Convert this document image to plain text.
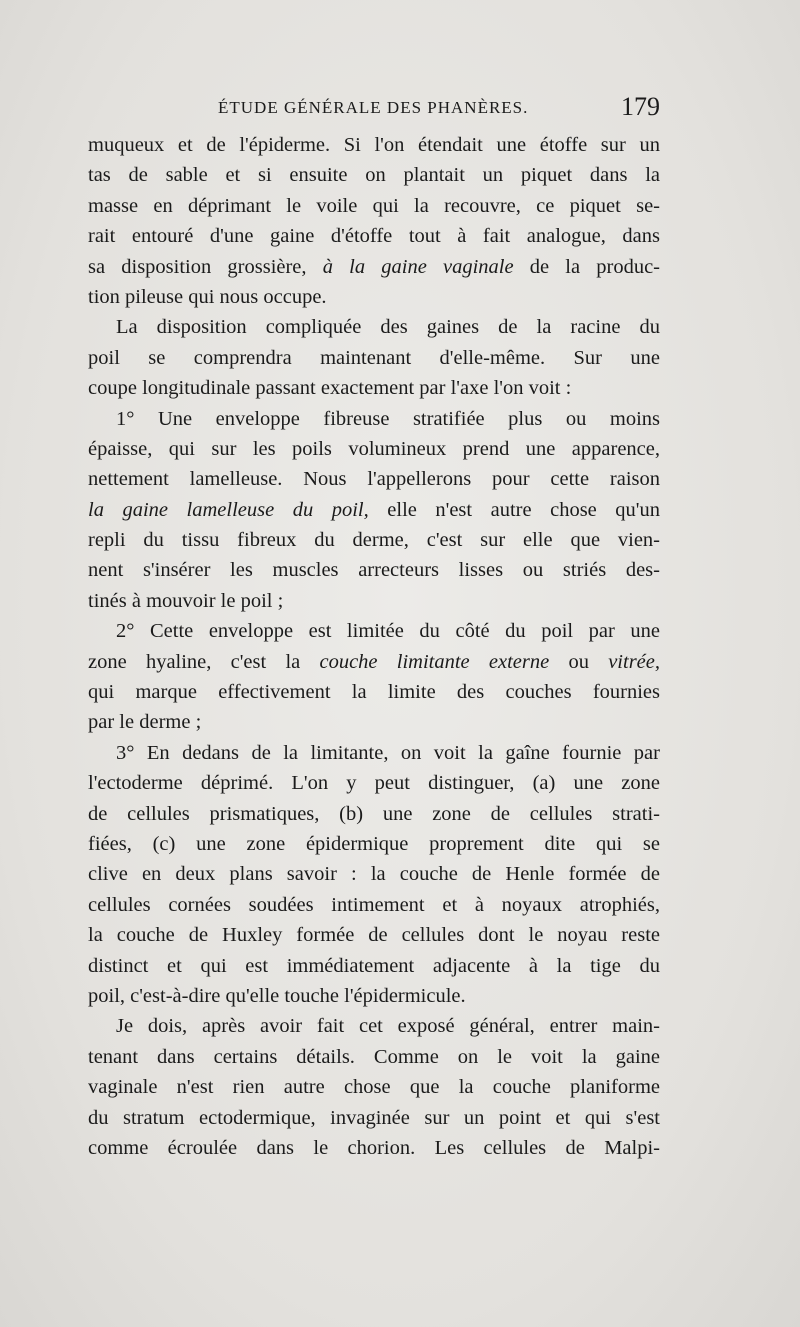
ÉTUDE GÉNÉRALE DES PHANÈRES.	179
muqueux et de l'épiderme. Si l'on étendait une étoffe sur un
tas de sable et si ensuite on plantait un piquet dans la
masse en déprimant le voile qui la recouvre, ce piquet se-
rait entouré d'une gaine d'étoffe tout à fait analogue, dans
sa disposition grossière, à la gaine vaginale de la produc-
tion pileuse qui nous occupe.
La disposition compliquée des gaines de la racine du
poil se comprendra maintenant d'elle-même. Sur une
coupe longitudinale passant exactement par l'axe l'on voit :
1° Une enveloppe fibreuse stratifiée plus ou moins
épaisse, qui sur les poils volumineux prend une apparence,
nettement lamelleuse. Nous l'appellerons pour cette raison
la gaine lamelleuse du poil, elle n'est autre chose qu'un
repli du tissu fibreux du derme, c'est sur elle que vien-
nent s'insérer les muscles arrecteurs lisses ou striés des-
tinés à mouvoir le poil ;
2° Cette enveloppe est limitée du côté du poil par une
zone hyaline, c'est la couche limitante externe ou vitrée,
qui marque effectivement la limite des couches fournies
par le derme ;
3° En dedans de la limitante, on voit la gaîne fournie par
l'ectoderme déprimé. L'on y peut distinguer, (a) une zone
de cellules prismatiques, (b) une zone de cellules strati-
fiées, (c) une zone épidermique proprement dite qui se
clive en deux plans savoir : la couche de Henle formée de
cellules cornées soudées intimement et à noyaux atrophiés,
la couche de Huxley formée de cellules dont le noyau reste
distinct et qui est immédiatement adjacente à la tige du
poil, c'est-à-dire qu'elle touche l'épidermicule.
Je dois, après avoir fait cet exposé général, entrer main-
tenant dans certains détails. Comme on le voit la gaine
vaginale n'est rien autre chose que la couche planiforme
du stratum ectodermique, invaginée sur un point et qui s'est
comme écroulée dans le chorion. Les cellules de Malpi-
